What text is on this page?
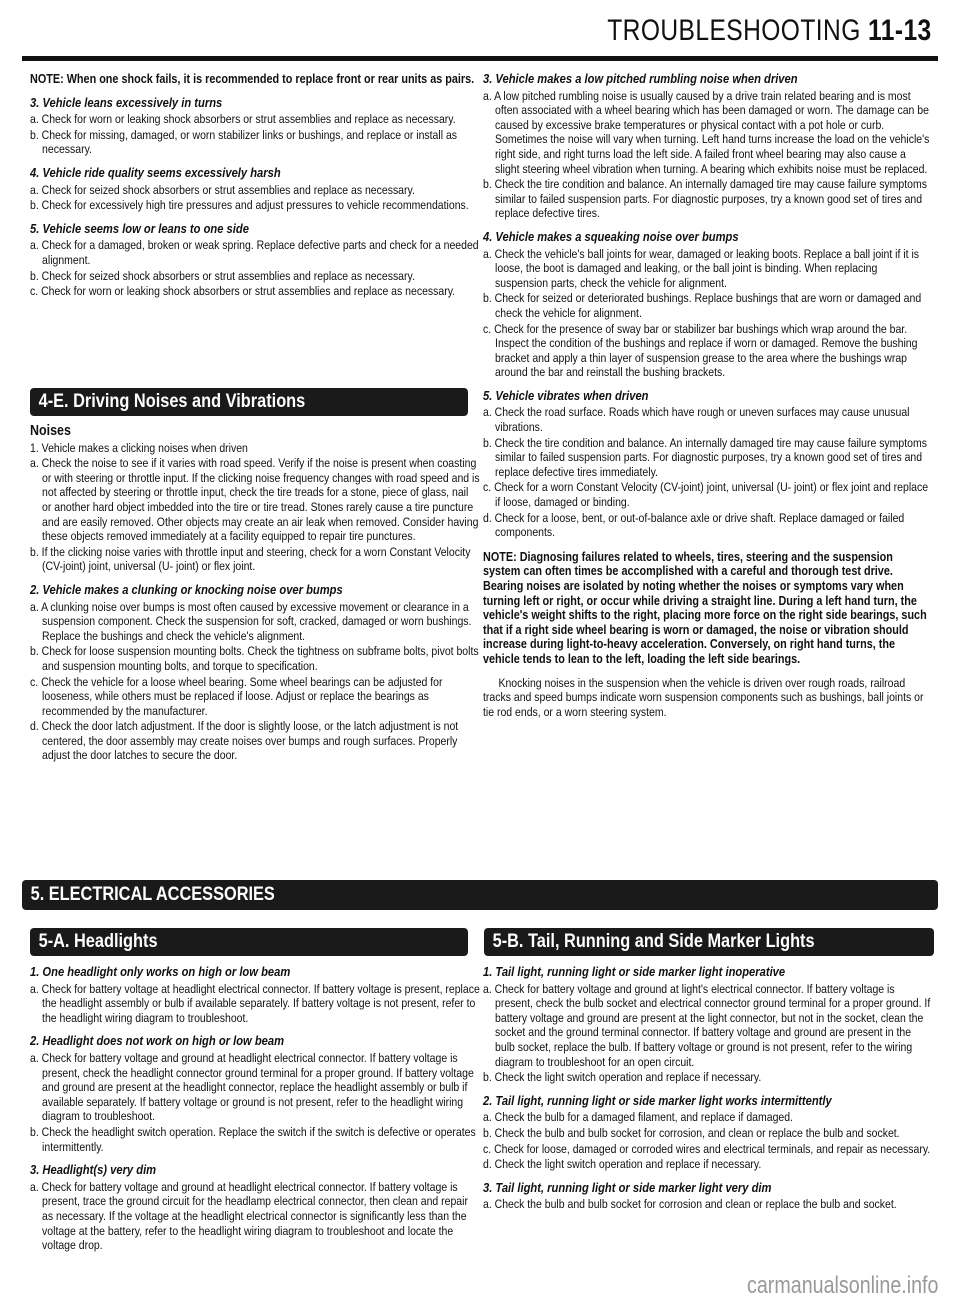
TROUBLESHOOTING 11-13

NOTE: When one shock fails, it is recommended to replace front or rear units as pairs.

3. Vehicle leans excessively in turns

a. Check for worn or leaking shock absorbers or strut assemblies and replace as necessary.

b. Check for missing, damaged, or worn stabilizer links or bushings, and replace or install as necessary.

4. Vehicle ride quality seems excessively harsh

a. Check for seized shock absorbers or strut assemblies and replace as necessary.

b. Check for excessively high tire pressures and adjust pressures to vehicle recommendations.

5. Vehicle seems low or leans to one side

a. Check for a damaged, broken or weak spring. Replace defective parts and check for a needed alignment.

b. Check for seized shock absorbers or strut assemblies and replace as necessary.

c. Check for worn or leaking shock absorbers or strut assemblies and replace as necessary.

4-E. Driving Noises and Vibrations

Noises

1. Vehicle makes a clicking noises when driven

a. Check the noise to see if it varies with road speed. Verify if the noise is present when coasting or with steering or throttle input. If the clicking noise frequency changes with road speed and is not affected by steering or throttle input, check the tire treads for a stone, piece of glass, nail or another hard object imbedded into the tire or tire tread. Stones rarely cause a tire puncture and are easily removed. Other objects may create an air leak when removed. Consider having these objects removed immediately at a facility equipped to repair tire punctures.

b. If the clicking noise varies with throttle input and steering, check for a worn Constant Velocity (CV-joint) joint, universal (U- joint) or flex joint.

2. Vehicle makes a clunking or knocking noise over bumps

a. A clunking noise over bumps is most often caused by excessive movement or clearance in a suspension component. Check the suspension for soft, cracked, damaged or worn bushings. Replace the bushings and check the vehicle's alignment.

b. Check for loose suspension mounting bolts. Check the tightness on subframe bolts, pivot bolts and suspension mounting bolts, and torque to specification.

c. Check the vehicle for a loose wheel bearing. Some wheel bearings can be adjusted for looseness, while others must be replaced if loose. Adjust or replace the bearings as recommended by the manufacturer.

d. Check the door latch adjustment. If the door is slightly loose, or the latch adjustment is not centered, the door assembly may create noises over bumps and rough surfaces. Properly adjust the door latches to secure the door.

3. Vehicle makes a low pitched rumbling noise when driven

a. A low pitched rumbling noise is usually caused by a drive train related bearing and is most often associated with a wheel bearing which has been damaged or worn. The damage can be caused by excessive brake temperatures or physical contact with a pot hole or curb. Sometimes the noise will vary when turning. Left hand turns increase the load on the vehicle's right side, and right turns load the left side. A failed front wheel bearing may also cause a slight steering wheel vibration when turning. A bearing which exhibits noise must be replaced.

b. Check the tire condition and balance. An internally damaged tire may cause failure symptoms similar to failed suspension parts. For diagnostic purposes, try a known good set of tires and replace defective tires.

4. Vehicle makes a squeaking noise over bumps

a. Check the vehicle's ball joints for wear, damaged or leaking boots. Replace a ball joint if it is loose, the boot is damaged and leaking, or the ball joint is binding. When replacing suspension parts, check the vehicle for alignment.

b. Check for seized or deteriorated bushings. Replace bushings that are worn or damaged and check the vehicle for alignment.

c. Check for the presence of sway bar or stabilizer bar bushings which wrap around the bar. Inspect the condition of the bushings and replace if worn or damaged. Remove the bushing bracket and apply a thin layer of suspension grease to the area where the bushings wrap around the bar and reinstall the bushing brackets.

5. Vehicle vibrates when driven

a. Check the road surface. Roads which have rough or uneven surfaces may cause unusual vibrations.

b. Check the tire condition and balance. An internally damaged tire may cause failure symptoms similar to failed suspension parts. For diagnostic purposes, try a known good set of tires and replace defective tires immediately.

c. Check for a worn Constant Velocity (CV-joint) joint, universal (U- joint) or flex joint and replace if loose, damaged or binding.

d. Check for a loose, bent, or out-of-balance axle or drive shaft. Replace damaged or failed components.

NOTE: Diagnosing failures related to wheels, tires, steering and the suspension system can often times be accomplished with a careful and thorough test drive. Bearing noises are isolated by noting whether the noises or symptoms vary when turning left or right, or occur while driving a straight line. During a left hand turn, the vehicle's weight shifts to the right, placing more force on the right side bearings, such that if a right side wheel bearing is worn or damaged, the noise or vibration should increase during light-to-heavy acceleration. Conversely, on right hand turns, the vehicle tends to lean to the left, loading the left side bearings.

Knocking noises in the suspension when the vehicle is driven over rough roads, railroad tracks and speed bumps indicate worn suspension components such as bushings, ball joints or tie rod ends, or a worn steering system.

5. ELECTRICAL ACCESSORIES
5-A. Headlights	5-B. Tail, Running and Side Marker Lights
1. One headlight only works on high or low beam

a. Check for battery voltage at headlight electrical connector. If battery voltage is present, replace the headlight assembly or bulb if available separately. If battery voltage is not present, refer to the headlight wiring diagram to troubleshoot.

2. Headlight does not work on high or low beam

a. Check for battery voltage and ground at headlight electrical connector. If battery voltage is present, check the headlight connector ground terminal for a proper ground. If battery voltage and ground are present at the headlight connector, replace the headlight assembly or bulb if available separately. If battery voltage or ground is not present, refer to the headlight wiring diagram to troubleshoot.

b. Check the headlight switch operation. Replace the switch if the switch is defective or operates intermittently.

3. Headlight(s) very dim

a. Check for battery voltage and ground at headlight electrical connector. If battery voltage is present, trace the ground circuit for the headlamp electrical connector, then clean and repair as necessary. If the voltage at the headlight electrical connector is significantly less than the voltage at the battery, refer to the headlight wiring diagram to troubleshoot and locate the voltage drop.

1. Tail light, running light or side marker light inoperative

a. Check for battery voltage and ground at light's electrical connector. If battery voltage is present, check the bulb socket and electrical connector ground terminal for a proper ground. If battery voltage and ground are present at the light connector, but not in the socket, clean the socket and the ground terminal connector. If battery voltage and ground are present in the bulb socket, replace the bulb. If battery voltage or ground is not present, refer to the wiring diagram to troubleshoot for an open circuit.

b. Check the light switch operation and replace if necessary.

2. Tail light, running light or side marker light works intermittently

a. Check the bulb for a damaged filament, and replace if damaged.

b. Check the bulb and bulb socket for corrosion, and clean or replace the bulb and socket.

c. Check for loose, damaged or corroded wires and electrical terminals, and repair as necessary.

d. Check the light switch operation and replace if necessary.

3. Tail light, running light or side marker light very dim

a. Check the bulb and bulb socket for corrosion and clean or replace the bulb and socket.

carmanualsonline.info
